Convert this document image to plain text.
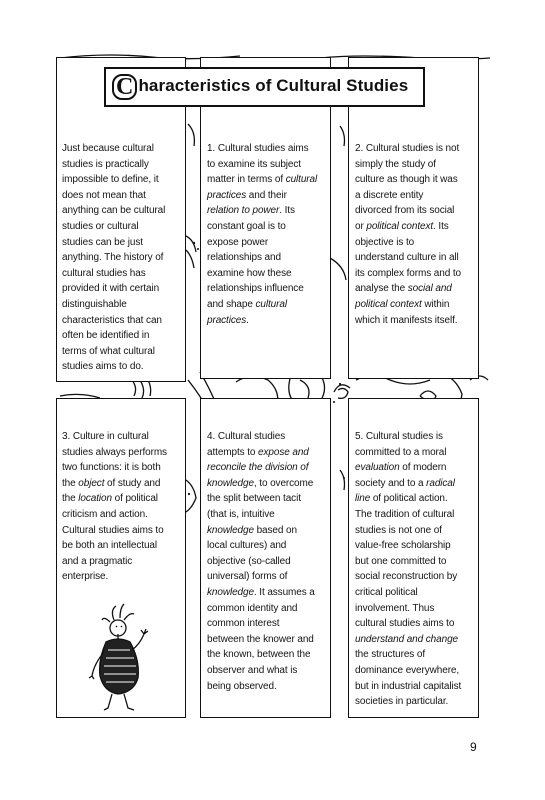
C haracteristics of Cultural Studies
Just because cultural
studies is practically
impossible to define, it
does not mean that
anything can be cultural
studies or cultural
studies can be just
anything. The history of
cultural studies has
provided it with certain
distinguishable
characteristics that can
often be identified in
terms of what cultural
studies aims to do.
1. Cultural studies aims
to examine its subject
matter in terms of cultural
practices and their
relation to power. Its
constant goal is to
expose power
relationships and
examine how these
relationships influence
and shape cultural
practices.
2. Cultural studies is not
simply the study of
culture as though it was
a discrete entity
divorced from its social
or political context. Its
objective is to
understand culture in all
its complex forms and to
analyse the social and
political context within
which it manifests itself.
3. Culture in cultural
studies always performs
two functions: it is both
the object of study and
the location of political
criticism and action.
Cultural studies aims to
be both an intellectual
and a pragmatic
enterprise.
4. Cultural studies
attempts to expose and
reconcile the division of
knowledge, to overcome
the split between tacit
(that is, intuitive
knowledge based on
local cultures) and
objective (so-called
universal) forms of
knowledge. It assumes a
common identity and
common interest
between the knower and
the known, between the
observer and what is
being observed.
5. Cultural studies is
committed to a moral
evaluation of modern
society and to a radical
line of political action.
The tradition of cultural
studies is not one of
value-free scholarship
but one committed to
social reconstruction by
critical political
involvement. Thus
cultural studies aims to
understand and change
the structures of
dominance everywhere,
but in industrial capitalist
societies in particular.
9
